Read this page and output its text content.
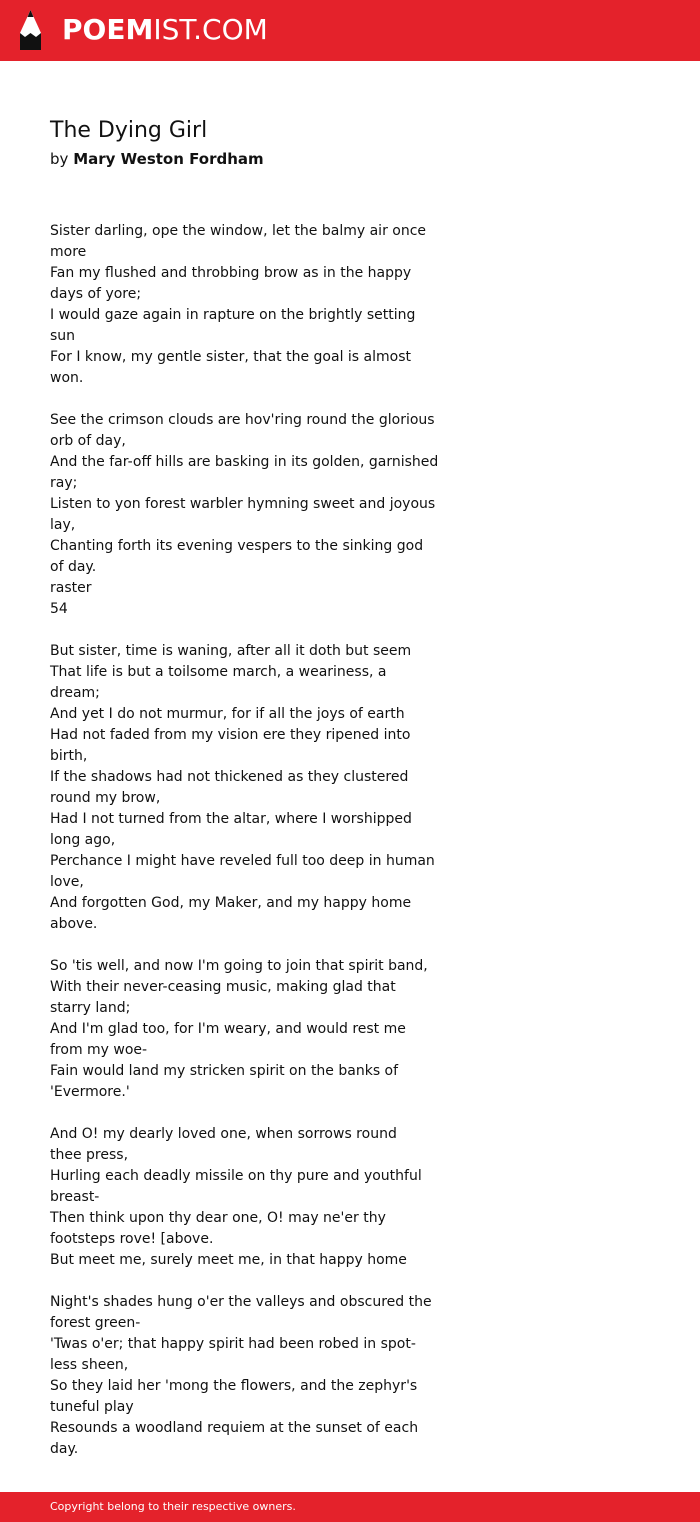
POEMIST.COM
The Dying Girl
by Mary Weston Fordham

Sister darling, ope the window, let the balmy air once
more
Fan my flushed and throbbing brow as in the happy
days of yore;
I would gaze again in rapture on the brightly setting sun
For I know, my gentle sister, that the goal is almost
won.

See the crimson clouds are hov'ring round the glorious
orb of day,
And the far-off hills are basking in its golden, garnished
ray;
Listen to yon forest warbler hymning sweet and joyous
lay,
Chanting forth its evening vespers to the sinking god
of day.
raster
54

But sister, time is waning, after all it doth but seem
That life is but a toilsome march, a weariness, a dream;
And yet I do not murmur, for if all the joys of earth
Had not faded from my vision ere they ripened into
birth,
If the shadows had not thickened as they clustered
round my brow,
Had I not turned from the altar, where I worshipped
long ago,
Perchance I might have reveled full too deep in human
love,
And forgotten God, my Maker, and my happy home
above.

So 'tis well, and now I'm going to join that spirit band,
With their never-ceasing music, making glad that
starry land;
And I'm glad too, for I'm weary, and would rest me
from my woe-
Fain would land my stricken spirit on the banks of
'Evermore.'

And O! my dearly loved one, when sorrows round
thee press,
Hurling each deadly missile on thy pure and youthful
breast-
Then think upon thy dear one, O! may ne'er thy
footsteps rove! [above.
But meet me, surely meet me, in that happy home

Night's shades hung o'er the valleys and obscured the
forest green-
'Twas o'er; that happy spirit had been robed in spot-
less sheen,
So they laid her 'mong the flowers, and the zephyr's
tuneful play
Resounds a woodland requiem at the sunset of each
day.

Copyright belong to their respective owners.
